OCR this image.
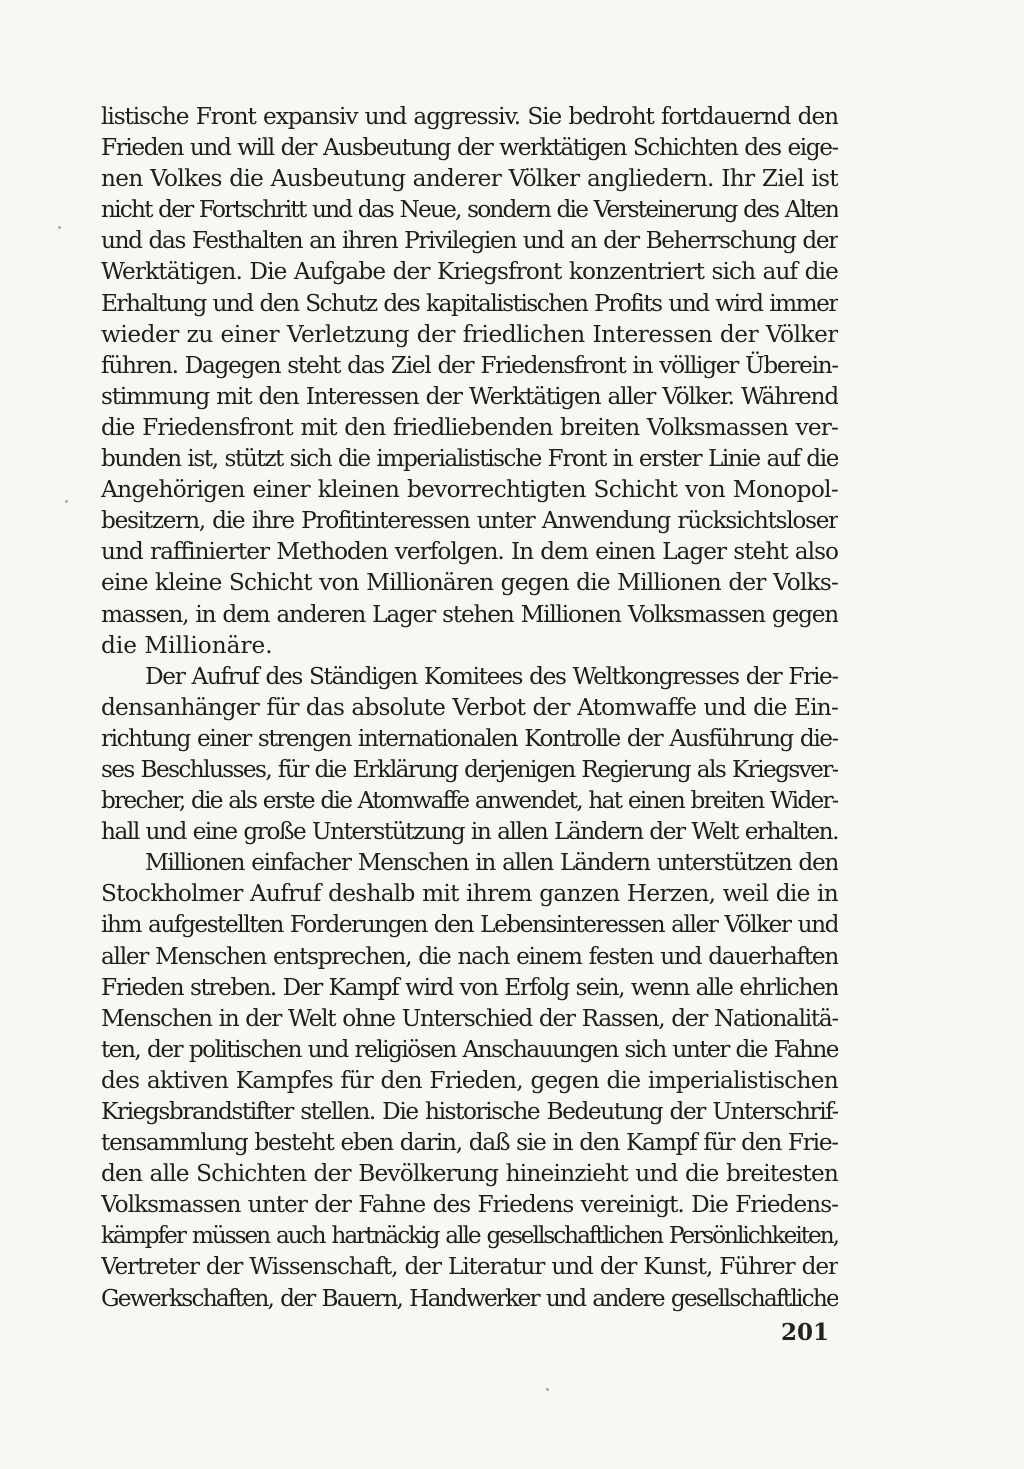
listische Front expansiv und aggressiv. Sie bedroht fortdauernd den
Frieden und will der Ausbeutung der werktätigen Schichten des eige-
nen Volkes die Ausbeutung anderer Völker angliedern. Ihr Ziel ist
nicht der Fortschritt und das Neue, sondern die Versteinerung des Alten
und das Festhalten an ihren Privilegien und an der Beherrschung der
Werktätigen. Die Aufgabe der Kriegsfront konzentriert sich auf die
Erhaltung und den Schutz des kapitalistischen Profits und wird immer
wieder zu einer Verletzung der friedlichen Interessen der Völker
führen. Dagegen steht das Ziel der Friedensfront in völliger Überein-
stimmung mit den Interessen der Werktätigen aller Völker. Während
die Friedensfront mit den friedliebenden breiten Volksmassen ver-
bunden ist, stützt sich die imperialistische Front in erster Linie auf die
Angehörigen einer kleinen bevorrechtigten Schicht von Monopol-
besitzern, die ihre Profitinteressen unter Anwendung rücksichtsloser
und raffinierter Methoden verfolgen. In dem einen Lager steht also
eine kleine Schicht von Millionären gegen die Millionen der Volks-
massen, in dem anderen Lager stehen Millionen Volksmassen gegen
die Millionäre.
Der Aufruf des Ständigen Komitees des Weltkongresses der Frie-
densanhänger für das absolute Verbot der Atomwaffe und die Ein-
richtung einer strengen internationalen Kontrolle der Ausführung die-
ses Beschlusses, für die Erklärung derjenigen Regierung als Kriegsver-
brecher, die als erste die Atomwaffe anwendet, hat einen breiten Wider-
hall und eine große Unterstützung in allen Ländern der Welt erhalten.
Millionen einfacher Menschen in allen Ländern unterstützen den
Stockholmer Aufruf deshalb mit ihrem ganzen Herzen, weil die in
ihm aufgestellten Forderungen den Lebensinteressen aller Völker und
aller Menschen entsprechen, die nach einem festen und dauerhaften
Frieden streben. Der Kampf wird von Erfolg sein, wenn alle ehrlichen
Menschen in der Welt ohne Unterschied der Rassen, der Nationalitä-
ten, der politischen und religiösen Anschauungen sich unter die Fahne
des aktiven Kampfes für den Frieden, gegen die imperialistischen
Kriegsbrandstifter stellen. Die historische Bedeutung der Unterschrif-
tensammlung besteht eben darin, daß sie in den Kampf für den Frie-
den alle Schichten der Bevölkerung hineinzieht und die breitesten
Volksmassen unter der Fahne des Friedens vereinigt. Die Friedens-
kämpfer müssen auch hartnäckig alle gesellschaftlichen Persönlichkeiten,
Vertreter der Wissenschaft, der Literatur und der Kunst, Führer der
Gewerkschaften, der Bauern, Handwerker und andere gesellschaftliche
201
